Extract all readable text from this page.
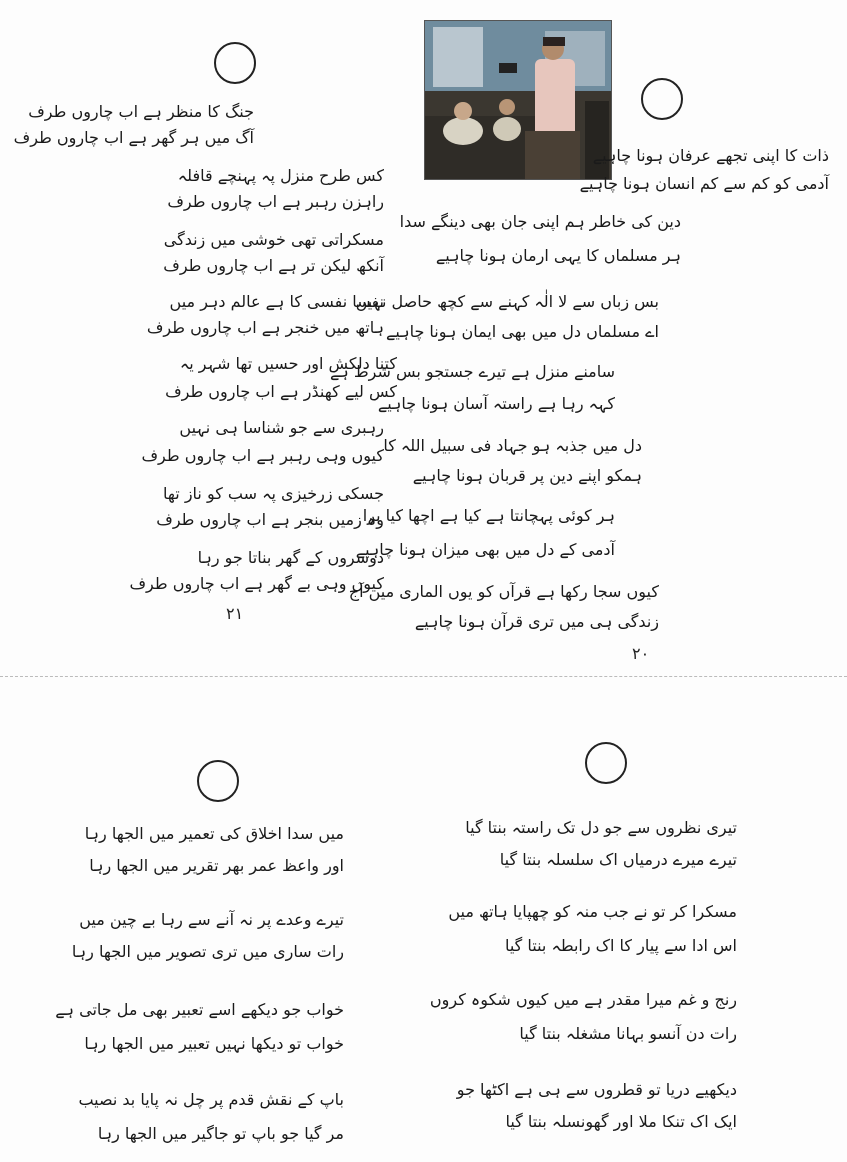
جنگ کا منظر ہے اب چاروں طرف
آگ میں ہر گھر ہے اب چاروں طرف
کس طرح منزل پہ پہنچے قافلہ
راہزن رہبر ہے اب چاروں طرف
مسکراتی تھی خوشی میں زندگی
آنکھ لیکن تر ہے اب چاروں طرف
نفسا نفسی کا ہے عالم دہر میں
ہاتھ میں خنجر ہے اب چاروں طرف
کتنا دلکش اور حسیں تھا شہر یہ
کس لیے کھنڈر ہے اب چاروں طرف
رہبری سے جو شناسا ہی نہیں
کیوں وہی رہبر ہے اب چاروں طرف
جسکی زرخیزی پہ سب کو ناز تھا
وہ زمیں بنجر ہے اب چاروں طرف
دوسروں کے گھر بناتا جو رہا
کیوں وہی بے گھر ہے اب چاروں طرف
۲۱
ذات کا اپنی تجھے عرفان ہونا چاہیے
آدمی کو کم سے کم انسان ہونا چاہیے
دین کی خاطر ہم اپنی جان بھی دینگے سدا
ہر مسلماں کا یہی ارمان ہونا چاہیے
بس زباں سے لا الٰہ کہنے سے کچھ حاصل نہیں
اے مسلماں دل میں بھی ایمان ہونا چاہیے
سامنے منزل ہے تیرے جستجو بس شرط ہے
کہہ رہا ہے راستہ آسان ہونا چاہیے
دل میں جذبہ ہو جہاد فی سبیل اللہ کا
ہمکو اپنے دین پر قربان ہونا چاہیے
ہر کوئی پہچانتا ہے کیا ہے اچھا کیا برا
آدمی کے دل میں بھی میزان ہونا چاہیے
کیوں سجا رکھا ہے قرآں کو یوں الماری میں آج
زندگی ہی میں تری قرآن ہونا چاہیے
۲۰
میں سدا اخلاق کی تعمیر میں الجھا رہا
اور واعظ عمر بھر تقریر میں الجھا رہا
تیرے وعدے پر نہ آنے سے رہا بے چین میں
رات ساری میں تری تصویر میں الجھا رہا
خواب جو دیکھے اسے تعبیر بھی مل جاتی ہے
خواب تو دیکھا نہیں تعبیر میں الجھا رہا
باپ کے نقش قدم پر چل نہ پایا بد نصیب
مر گیا جو باپ تو جاگیر میں الجھا رہا
تیری نظروں سے جو دل تک راستہ بنتا گیا
تیرے میرے درمیاں اک سلسلہ بنتا گیا
مسکرا کر تو نے جب منہ کو چھپایا ہاتھ میں
اس ادا سے پیار کا اک رابطہ بنتا گیا
رنج و غم میرا مقدر ہے میں کیوں شکوہ کروں
رات دن آنسو بہانا مشغلہ بنتا گیا
دیکھیے دریا تو قطروں سے ہی ہے اکٹھا جو
ایک اک تنکا ملا اور گھونسلہ بنتا گیا
